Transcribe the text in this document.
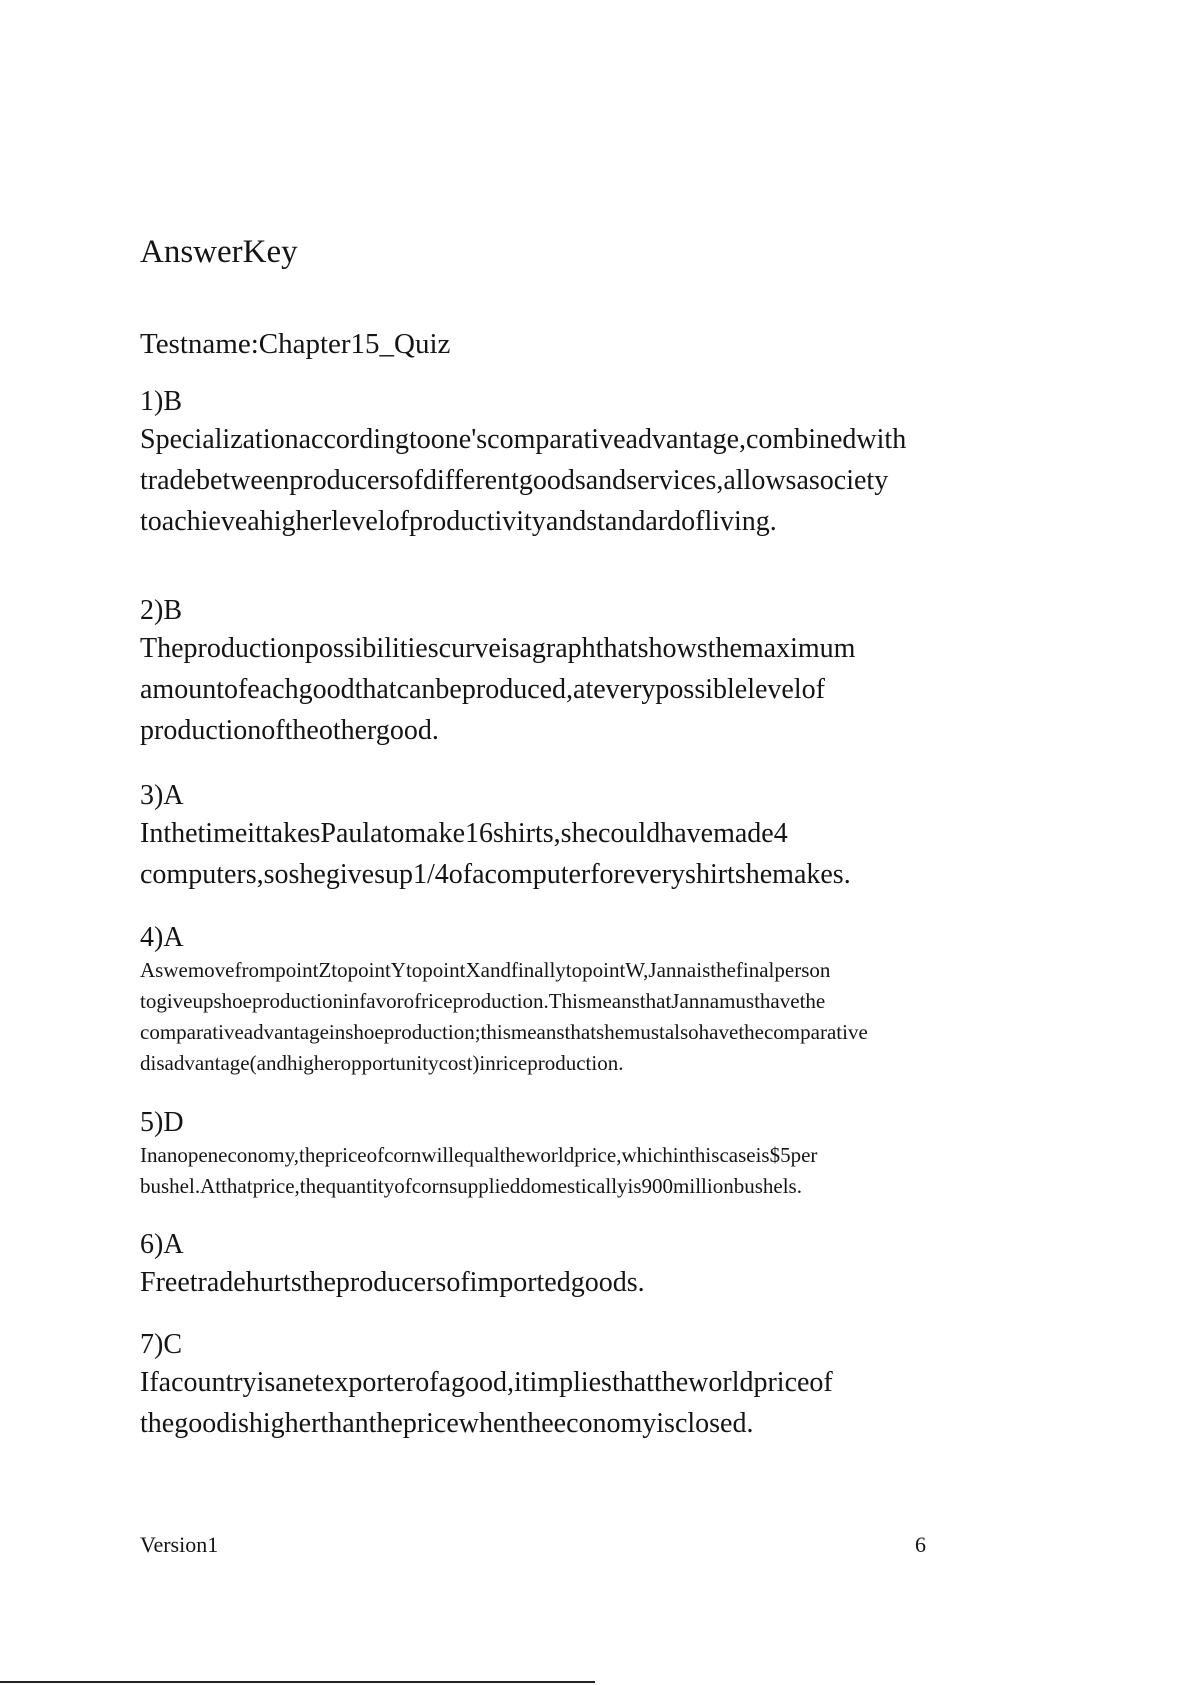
AnswerKey
Testname:Chapter15_Quiz
1)B
Specializationaccordingtoone'scomparativeadvantage,combinedwith
tradebetweenproducersofdifferentgoodsandservices,allowsasociety
toachieveahigherlevelofproductivityandstandardofliving.
2)B
Theproductionpossibilitiescurveisagraphthatshowsthemaximum
amountofeachgoodthatcanbeproduced,ateverypossiblelevelof
productionoftheothergood.
3)A
InthetimeittakesPaulatomake16shirts,shecouldhavemade4
computers,soshegivesup1/4ofacomputerforeveryshirtshemakes.
4)A
AswemovefrompointZtopointYtopointXandfinallytopointW,Jannaisthefinalperson
togiveupshoeproductioninfavorofriceproduction.ThismeansthatJannamusthavethe
comparativeadvantageinshoeproduction;thismeansthatshemustalsohavethecomparative
disadvantage(andhigheropportunitycost)inriceproduction.
5)D
Inanopeneconomy,thepriceofcornwillequaltheworldprice,whichinthiscaseis$5per
bushel.Atthatprice,thequantityofcornsupplieddomesticallyis900millionbushels.
6)A
Freetradehurtstheproducersofimportedgoods.
7)C
Ifacountryisanetexporterofagood,itimpliesthattheworldpriceof
thegoodishigherthanthepricewhentheeconomyisclosed.
Version1	6
